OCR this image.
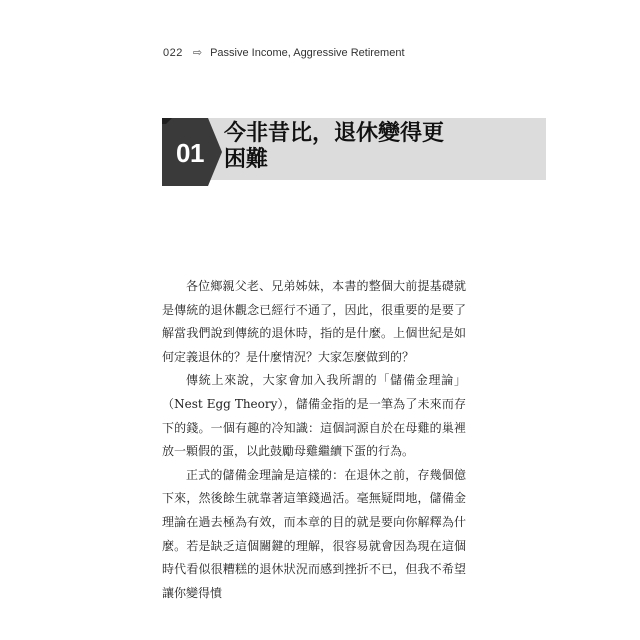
022 ⇨ Passive Income, Aggressive Retirement
01
今非昔比，退休變得更
困難

各位鄉親父老、兄弟姊妹，本書的整個大前提基礎就是傳統的退休觀念已經行不通了，因此，很重要的是要了解當我們說到傳統的退休時，指的是什麼。上個世紀是如何定義退休的？是什麼情況？大家怎麼做到的？

傳統上來說，大家會加入我所謂的「儲備金理論」（Nest Egg Theory），儲備金指的是一筆為了未來而存下的錢。一個有趣的冷知識：這個詞源自於在母雞的巢裡放一顆假的蛋，以此鼓勵母雞繼續下蛋的行為。

正式的儲備金理論是這樣的：在退休之前，存幾個億下來，然後餘生就靠著這筆錢過活。毫無疑問地，儲備金理論在過去極為有效，而本章的目的就是要向你解釋為什麼。若是缺乏這個關鍵的理解，很容易就會因為現在這個時代看似很糟糕的退休狀況而感到挫折不已，但我不希望讓你變得憤
